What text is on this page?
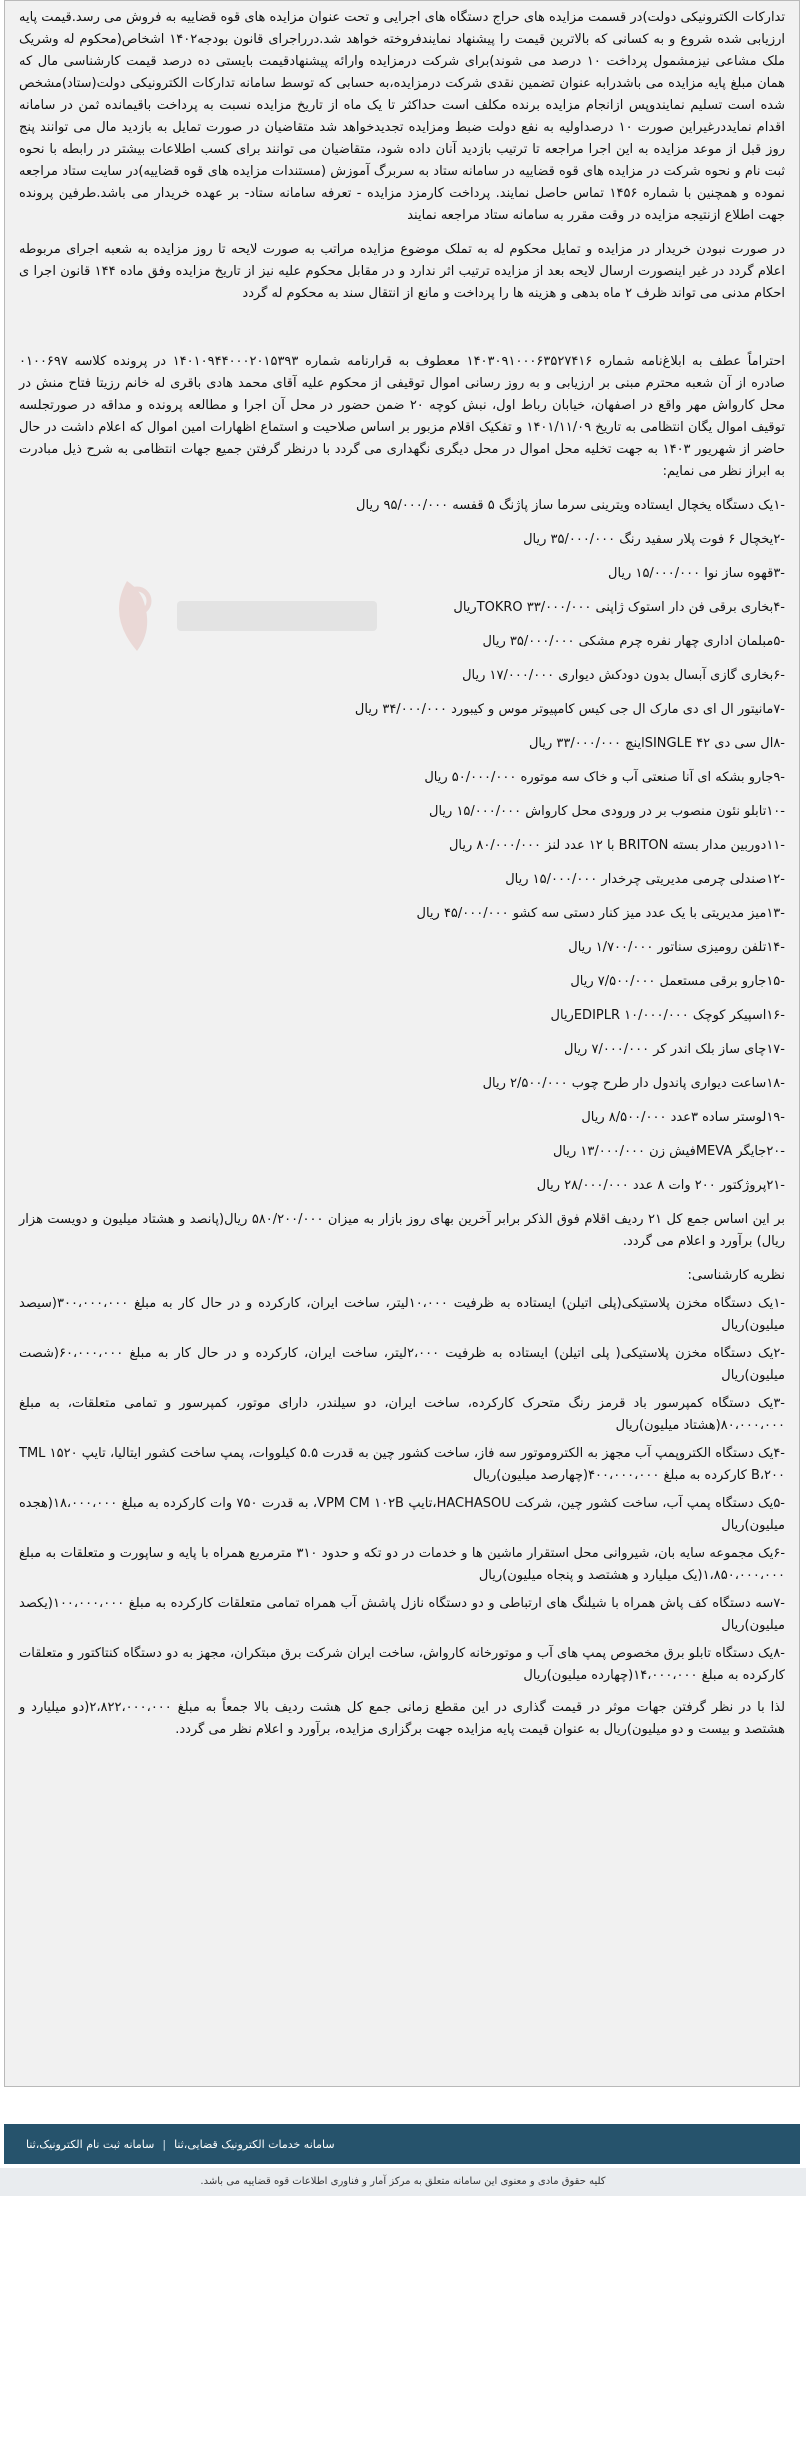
تدارکات الکترونیکی دولت)در قسمت مزایده های حراج دستگاه های اجرایی و تحت عنوان مزایده های قوه قضاییه به فروش می رسد.قیمت پایه ارزیابی شده شروع و به کسانی که بالاترین قیمت را پیشنهاد نمایندفروخته خواهد شد.درراجرای قانون بودجه۱۴۰۲ اشخاص(محکوم له وشریک ملک مشاعی نیزمشمول پرداخت ۱۰ درصد می شوند)برای شرکت درمزایده وارائه پیشنهادقیمت بایستی ده درصد قیمت کارشناسی مال که همان مبلغ پایه مزایده می باشدرابه عنوان تضمین نقدی شرکت درمزایده،به حسابی که توسط سامانه تدارکات الکترونیکی دولت(ستاد)مشخص شده است تسلیم نمایندوپس ازانجام مزایده برنده مکلف است حداکثر تا یک ماه از تاریخ مزایده نسبت به پرداخت باقیمانده ثمن در سامانه اقدام نمایددرغیراین صورت ۱۰ درصداولیه به نفع دولت ضبط ومزایده تجدیدخواهد شد متقاضیان در صورت تمایل به بازدید مال می توانند پنج روز قبل از موعد مزایده به این اجرا مراجعه تا ترتیب بازدید آنان داده شود، متقاضیان می توانند برای کسب اطلاعات بیشتر در رابطه با نحوه ثبت نام و نحوه شرکت در مزایده های قوه قضاییه در سامانه ستاد به سربرگ آموزش (مستندات مزایده های قوه قضاییه)در سایت ستاد مراجعه نموده و همچنین با شماره ۱۴۵۶ تماس حاصل نمایند. پرداخت کارمزد مزایده - تعرفه سامانه ستاد- بر عهده خریدار می باشد.طرفین پرونده جهت اطلاع ازنتیجه مزایده در وقت مقرر به سامانه ستاد مراجعه نمایند

در صورت نبودن خریدار در مزایده و تمایل محکوم له به تملک موضوع مزایده مراتب به صورت لایحه تا روز مزایده به شعبه اجرای مربوطه اعلام گردد در غیر اینصورت ارسال لایحه بعد از مزایده ترتیب اثر ندارد و در مقابل محکوم علیه نیز از تاریخ مزایده وفق ماده ۱۴۴ قانون اجرا ی احکام مدنی می تواند ظرف ۲ ماه بدهی و هزینه ها را پرداخت و مانع از انتقال سند به محکوم له گردد

احتراماً عطف به ابلاغ‌نامه شماره ۱۴۰۳۰۹۱۰۰۰۶۳۵۲۷۴۱۶ معطوف به قرارنامه شماره ۱۴۰۱۰۹۴۴۰۰۰۲۰۱۵۳۹۳ در پرونده کلاسه ۰۱۰۰۶۹۷ صادره از آن شعبه محترم مبنی بر ارزیابی و به روز رسانی اموال توقیفی از محکوم علیه آقای محمد هادی باقری له خانم رزیتا فتاح منش در محل کارواش مهر واقع در اصفهان، خیابان رباط اول، نبش کوچه ۲۰ ضمن حضور در محل آن اجرا و مطالعه پرونده و مداقه در صورتجلسه توقیف اموال یگان انتظامی به تاریخ ۱۴۰۱/۱۱/۰۹ و تفکیک اقلام مزبور بر اساس صلاحیت و استماع اظهارات امین اموال که اعلام داشت در حال حاضر از شهریور ۱۴۰۳ به جهت تخلیه محل اموال در محل دیگری نگهداری می گردد با درنظر گرفتن جمیع جهات انتظامی به شرح ذیل مبادرت به ابراز نظر می نمایم:

-۱یک دستگاه یخچال ایستاده ویترینی سرما ساز پاژنگ ۵ قفسه ۹۵/۰۰۰/۰۰۰ ریال
-۲یخچال ۶ فوت پلار سفید رنگ ۳۵/۰۰۰/۰۰۰ ریال
-۳قهوه ساز نوا ۱۵/۰۰۰/۰۰۰ ریال
-۴بخاری برقی فن دار استوک ژاپنی TOKRO ۳۳/۰۰۰/۰۰۰ریال
-۵مبلمان اداری چهار نفره چرم مشکی ۳۵/۰۰۰/۰۰۰ ریال
-۶بخاری گازی آبسال بدون دودکش دیواری ۱۷/۰۰۰/۰۰۰ ریال
-۷مانیتور ال ای دی مارک ال جی کیس کامپیوتر موس و کیبورد ۳۴/۰۰۰/۰۰۰ ریال
-۸ال سی دی ۴۲ SINGLEاینچ ۳۳/۰۰۰/۰۰۰ ریال
-۹جارو بشکه ای آنا صنعتی آب و خاک سه موتوره ۵۰/۰۰۰/۰۰۰ ریال
-۱۰تابلو نئون منصوب بر در ورودی محل کارواش ۱۵/۰۰۰/۰۰۰ ریال
-۱۱دوربین مدار بسته BRITON با ۱۲ عدد لنز ۸۰/۰۰۰/۰۰۰ ریال
-۱۲صندلی چرمی مدیریتی چرخدار ۱۵/۰۰۰/۰۰۰ ریال
-۱۳میز مدیریتی با یک عدد میز کنار دستی سه کشو ۴۵/۰۰۰/۰۰۰ ریال
-۱۴تلفن رومیزی سناتور ۱/۷۰۰/۰۰۰ ریال
-۱۵جارو برقی مستعمل ۷/۵۰۰/۰۰۰ ریال
-۱۶اسپیکر کوچک EDIPLR ۱۰/۰۰۰/۰۰۰ریال
-۱۷چای ساز بلک اندر کر ۷/۰۰۰/۰۰۰ ریال
-۱۸ساعت دیواری پاندول دار طرح چوب ۲/۵۰۰/۰۰۰ ریال
-۱۹لوستر ساده ۳عدد ۸/۵۰۰/۰۰۰ ریال
-۲۰جایگر MEVAفیش زن ۱۳/۰۰۰/۰۰۰ ریال
-۲۱پروژکتور ۲۰۰ وات ۸ عدد ۲۸/۰۰۰/۰۰۰ ریال

بر این اساس جمع کل ۲۱ ردیف اقلام فوق الذکر برابر آخرین بهای روز بازار به میزان ۵۸۰/۲۰۰/۰۰۰ ریال(پانصد و هشتاد میلیون و دویست هزار ریال) برآورد و اعلام می گردد.

نظریه کارشناسی:

-۱یک دستگاه مخزن پلاستیکی(پلی اتیلن) ایستاده به ظرفیت ۱۰،۰۰۰لیتر، ساخت ایران، کارکرده و در حال کار به مبلغ ۳۰۰،۰۰۰،۰۰۰(سیصد میلیون)ریال
-۲یک دستگاه مخزن پلاستیکی( پلی اتیلن) ایستاده به ظرفیت ۲،۰۰۰لیتر، ساخت ایران، کارکرده و در حال کار به مبلغ ۶۰،۰۰۰،۰۰۰(شصت میلیون)ریال
-۳یک دستگاه کمپرسور باد قرمز رنگ متحرک کارکرده، ساخت ایران، دو سیلندر، دارای موتور، کمپرسور و تمامی متعلقات، به مبلغ ۸۰،۰۰۰،۰۰۰(هشتاد میلیون)ریال
-۴یک دستگاه الکتروپمپ آب مجهز به الکتروموتور سه فاز، ساخت کشور چین به قدرت ۵.۵ کیلووات، پمپ ساخت کشور ایتالیا، تایپ TML ۱۵۲۰ B،۲۰۰ کارکرده به مبلغ ۴۰۰،۰۰۰،۰۰۰(چهارصد میلیون)ریال
-۵یک دستگاه پمپ آب، ساخت کشور چین، شرکت HACHASOU،تایپ VPM CM ۱۰۲B، به قدرت ۷۵۰ وات کارکرده به مبلغ ۱۸،۰۰۰،۰۰۰(هجده میلیون)ریال
-۶یک مجموعه سایه بان، شیروانی محل استقرار ماشین ها و خدمات در دو تکه و حدود ۳۱۰ مترمربع همراه با پایه و ساپورت و متعلقات به مبلغ ۱،۸۵۰،۰۰۰،۰۰۰(یک میلیارد و هشتصد و پنجاه میلیون)ریال
-۷سه دستگاه کف پاش همراه با شیلنگ های ارتباطی و دو دستگاه نازل پاشش آب همراه تمامی متعلقات کارکرده به مبلغ ۱۰۰،۰۰۰،۰۰۰(یکصد میلیون)ریال
-۸یک دستگاه تابلو برق مخصوص پمپ های آب و موتورخانه کارواش، ساخت ایران شرکت برق مبتکران، مجهز به دو دستگاه کنتاکتور و متعلقات کارکرده به مبلغ ۱۴،۰۰۰،۰۰۰(چهارده میلیون)ریال

لذا با در نظر گرفتن جهات موثر در قیمت گذاری در این مقطع زمانی جمع کل هشت ردیف بالا جمعاً به مبلغ ۲،۸۲۲،۰۰۰،۰۰۰(دو میلیارد و هشتصد و بیست و دو میلیون)ریال به عنوان قیمت پایه مزایده جهت برگزاری مزایده، برآورد و اعلام نظر می گردد.

سامانه خدمات الکترونیک قضایی،ثنا
|
سامانه ثبت نام الکترونیک،ثنا
کلیه حقوق مادی و معنوی این سامانه متعلق به مرکز آمار و فناوری اطلاعات قوه قضاییه می باشد.
